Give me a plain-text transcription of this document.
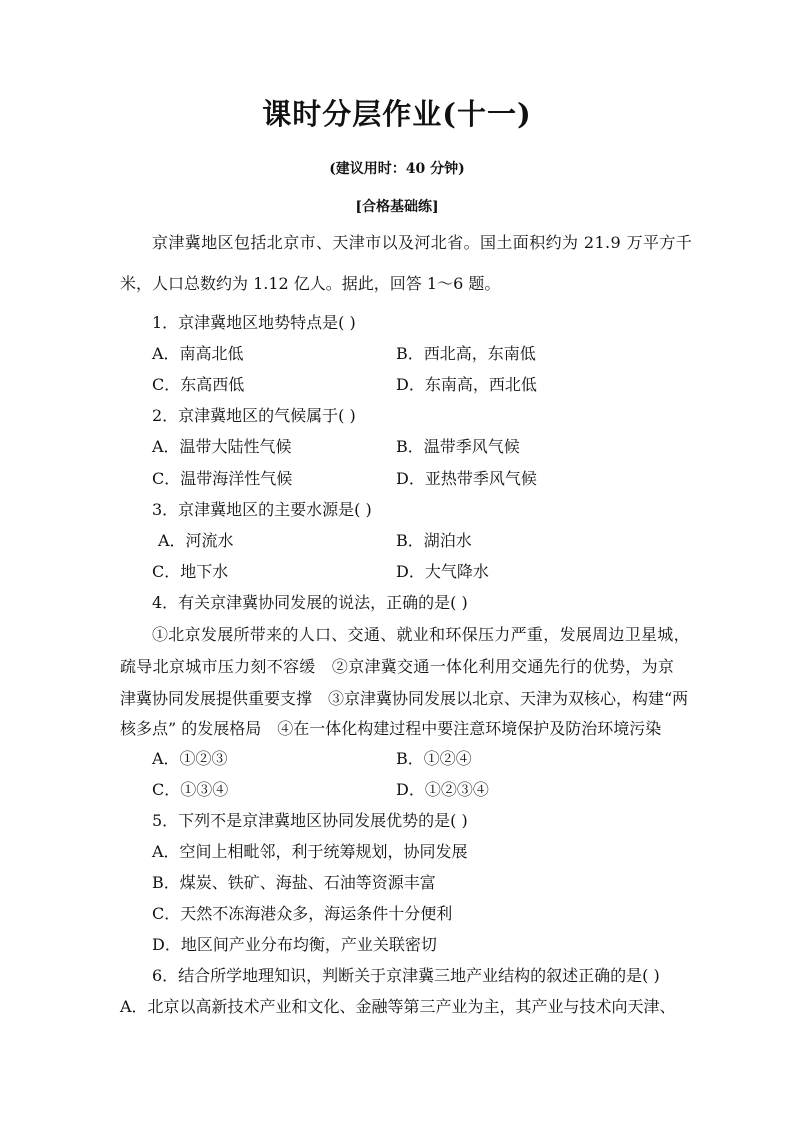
课时分层作业(十一)
(建议用时：40 分钟)
[合格基础练]
京津冀地区包括北京市、天津市以及河北省。国土面积约为 21.9 万平方千
米，人口总数约为 1.12 亿人。据此，回答 1～6 题。
1．京津冀地区地势特点是( )
A．南高北低	B．西北高，东南低
C．东高西低	D．东南高，西北低
2．京津冀地区的气候属于( )
A．温带大陆性气候	B．温带季风气候
C．温带海洋性气候	D．亚热带季风气候
3．京津冀地区的主要水源是( )
A．河流水	B．湖泊水
C．地下水	D．大气降水
4．有关京津冀协同发展的说法，正确的是( )
①北京发展所带来的人口、交通、就业和环保压力严重，发展周边卫星城，
疏导北京城市压力刻不容缓　②京津冀交通一体化利用交通先行的优势，为京
津冀协同发展提供重要支撑　③京津冀协同发展以北京、天津为双核心，构建“两
核多点” 的发展格局　④在一体化构建过程中要注意环境保护及防治环境污染
A．①②③	B．①②④
C．①③④	D．①②③④
5．下列不是京津冀地区协同发展优势的是( )
A．空间上相毗邻，利于统筹规划，协同发展
B．煤炭、铁矿、海盐、石油等资源丰富
C．天然不冻海港众多，海运条件十分便利
D．地区间产业分布均衡，产业关联密切
6．结合所学地理知识，判断关于京津冀三地产业结构的叙述正确的是( )
A．北京以高新技术产业和文化、金融等第三产业为主，其产业与技术向天津、
